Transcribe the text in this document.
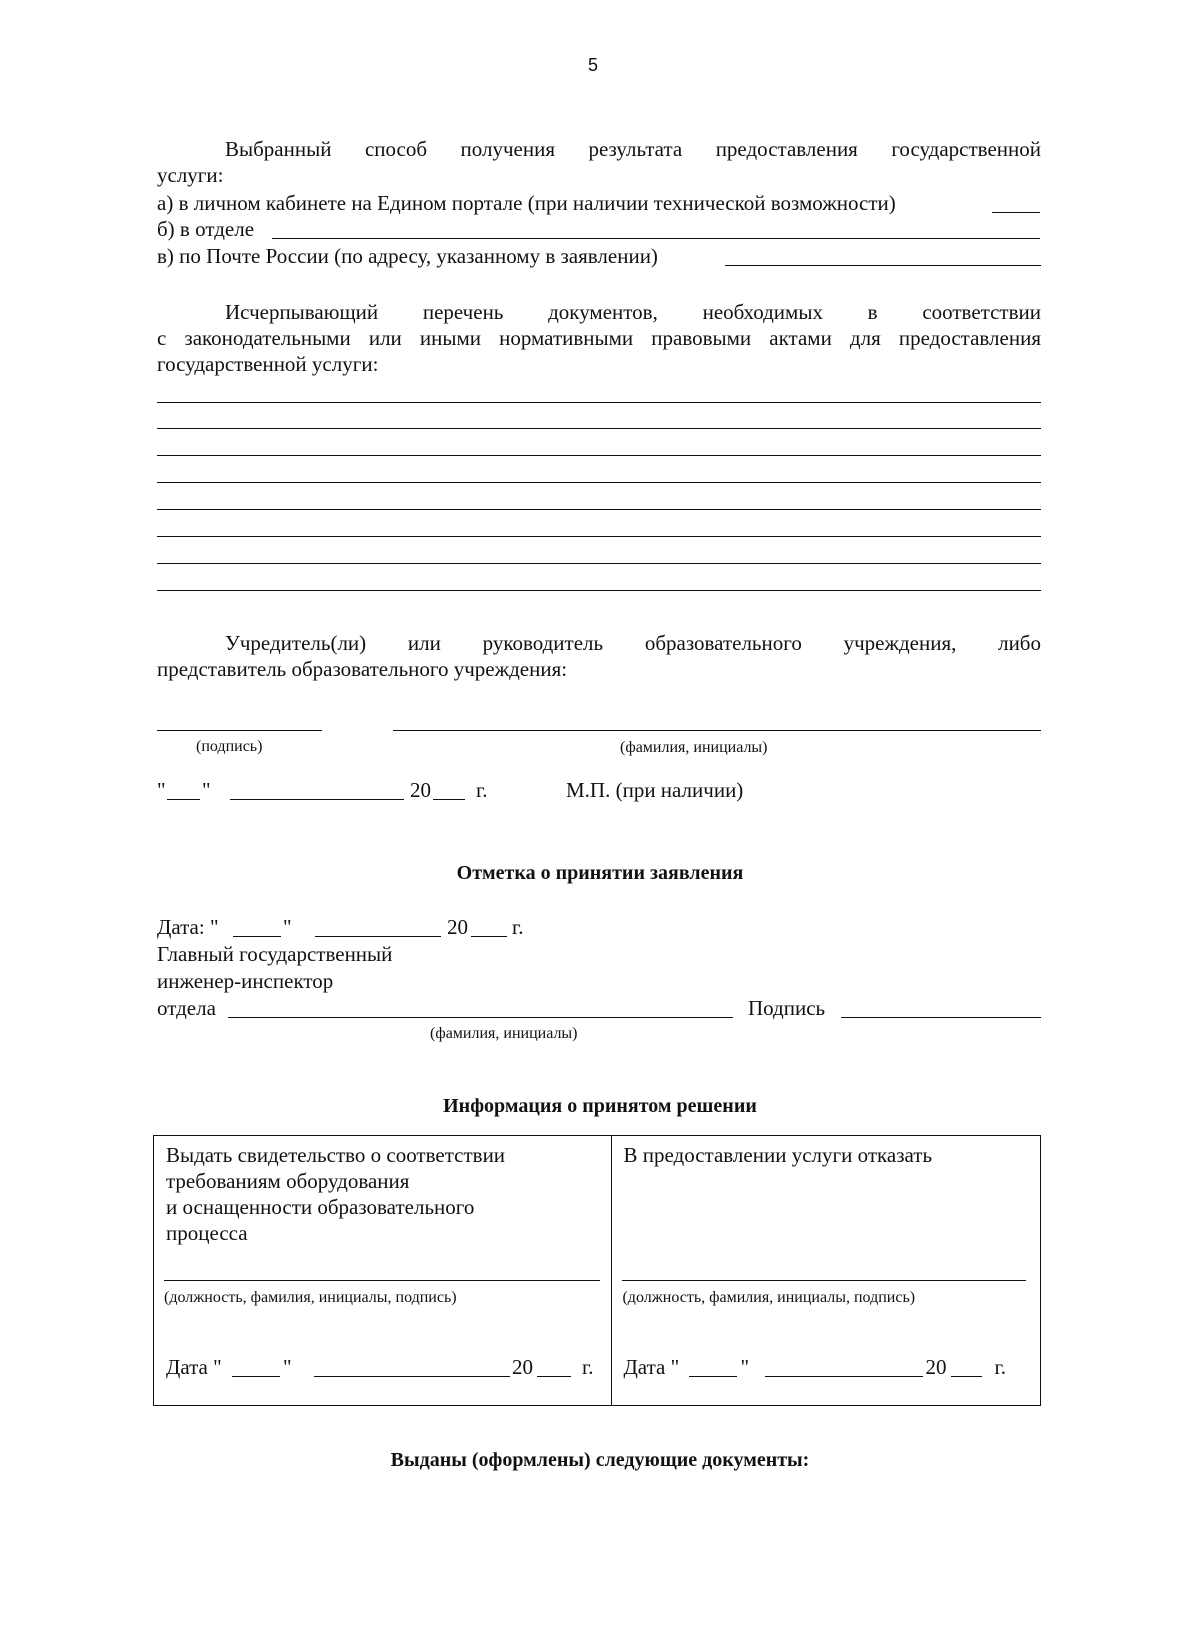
5
Выбранный способ получения результата предоставления государственной
услуги:
а) в личном кабинете на Едином портале (при наличии технической возможности)
б) в отделе
в) по Почте России (по адресу, указанному в заявлении)
Исчерпывающий перечень документов, необходимых в соответствии
с законодательными или иными нормативными правовыми актами для предоставления
государственной услуги:
Учредитель(ли) или руководитель образовательного учреждения, либо
представитель образовательного учреждения:
(подпись)	(фамилия, инициалы)
" "	20 г.	М.П. (при наличии)
Отметка о принятии заявления
Дата: "	"	20 г.
Главный государственный
инженер-инспектор
отдела	Подпись
(фамилия, инициалы)
Информация о принятом решении
Выдать свидетельство о соответствии
требованиям оборудования
и оснащенности образовательного
процесса
(должность, фамилия, инициалы, подпись)
Дата "	"	20 г.

В предоставлении услуги отказать
(должность, фамилия, инициалы, подпись)
Дата "	"	20 г.
Выданы (оформлены) следующие документы:
